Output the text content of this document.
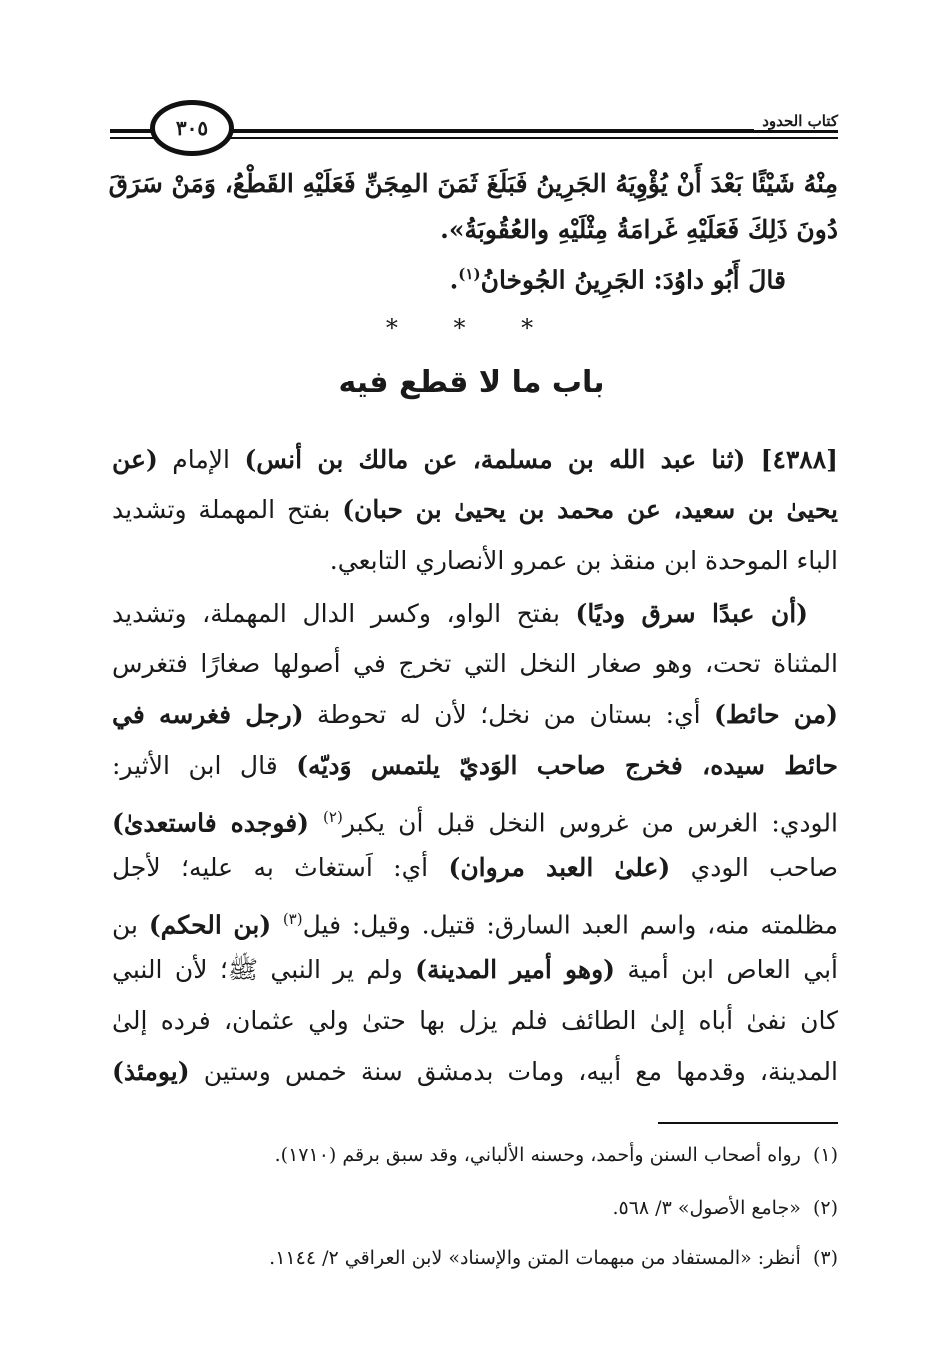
كتاب الحدود
٣٠٥
مِنْهُ شَيْئًا بَعْدَ أَنْ يُؤْوِيَهُ الجَرِينُ فَبَلَغَ ثَمَنَ المِجَنِّ فَعَلَيْهِ القَطْعُ، وَمَنْ سَرَقَ
دُونَ ذَلِكَ فَعَلَيْهِ غَرامَةُ مِثْلَيْهِ والعُقُوبَةُ».
قالَ أَبُو داوُدَ: الجَرِينُ الجُوخانُ$^{(١)}$.
* * *
باب ما لا قطع فيه
[٤٣٨٨] (ثنا عبد الله بن مسلمة، عن مالك بن أنس) الإمام (عن
يحيىٰ بن سعيد، عن محمد بن يحيىٰ بن حبان) بفتح المهملة وتشديد
الباء الموحدة ابن منقذ بن عمرو الأنصاري التابعي.
(أن عبدًا سرق وديًا) بفتح الواو، وكسر الدال المهملة، وتشديد
المثناة تحت، وهو صغار النخل التي تخرج في أصولها صغارًا فتغرس
(من حائط) أي: بستان من نخل؛ لأن له تحوطة (رجل فغرسه في
حائط سيده، فخرج صاحب الوَديّ يلتمس وَديّه) قال ابن الأثير:
الودي: الغرس من غروس النخل قبل أن يكبر$^{(٢)}$ (فوجده فاستعدىٰ)
صاحب الودي (علىٰ العبد مروان) أي: اَستغاث به عليه؛ لأجل
مظلمته منه، واسم العبد السارق: قتيل. وقيل: فيل$^{(٣)}$ (بن الحكم) بن
أبي العاص ابن أمية (وهو أمير المدينة) ولم ير النبي ﷺ؛ لأن النبي
كان نفىٰ أباه إلىٰ الطائف فلم يزل بها حتىٰ ولي عثمان، فرده إلىٰ
المدينة، وقدمها مع أبيه، ومات بدمشق سنة خمس وستين (يومئذ)
(١)  رواه أصحاب السنن وأحمد، وحسنه الألباني، وقد سبق برقم (١٧١٠).
(٢)  «جامع الأصول» ٣/ ٥٦٨.
(٣)  أنظر: «المستفاد من مبهمات المتن والإسناد» لابن العراقي ٢/ ١١٤٤.
